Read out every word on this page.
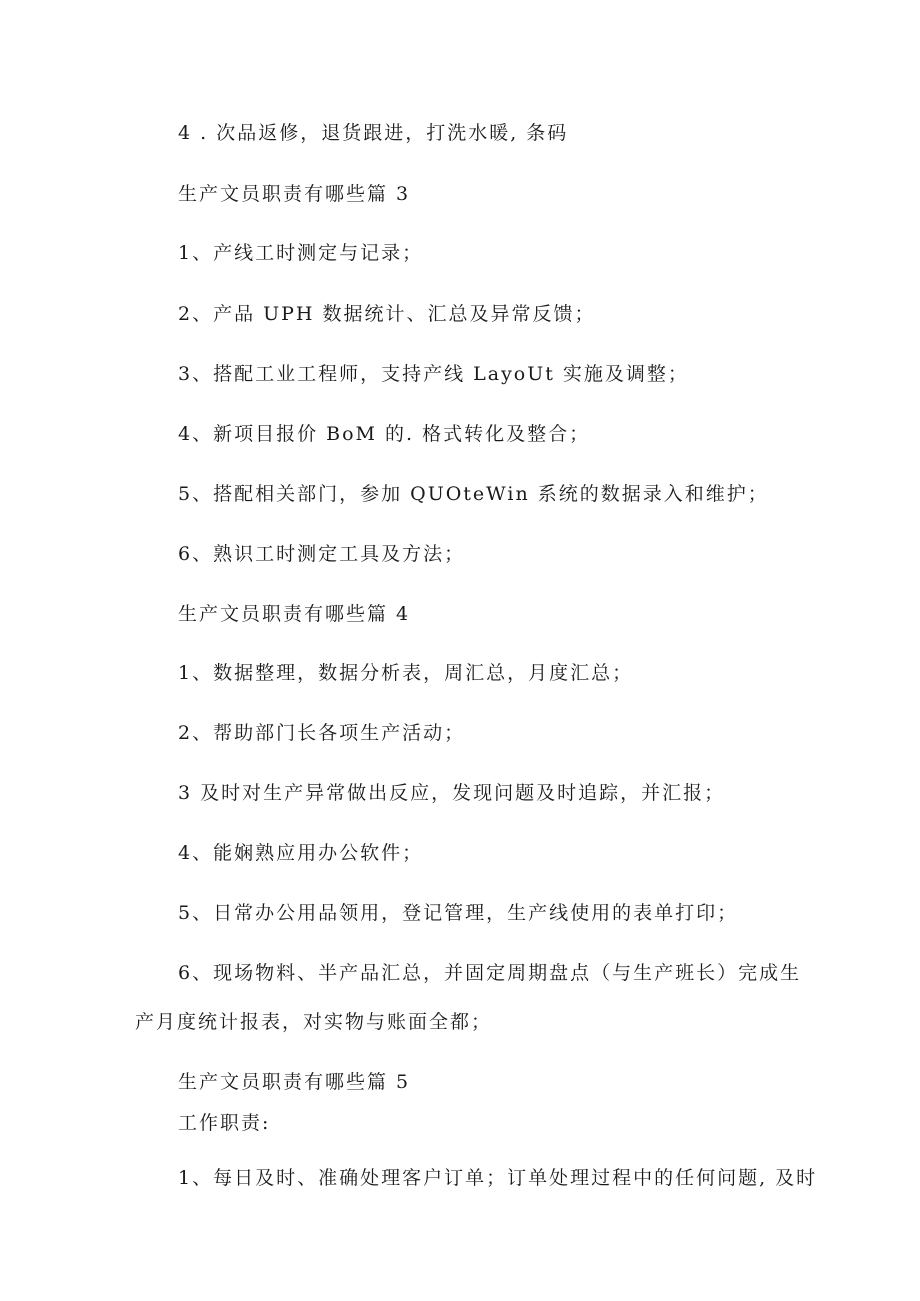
4 . 次品返修，退货跟进，打洗水暖, 条码
生产文员职责有哪些篇 3
1、产线工时测定与记录；
2、产品 UPH 数据统计、汇总及异常反馈；
3、搭配工业工程师，支持产线 LayoUt 实施及调整；
4、新项目报价 BoM 的. 格式转化及整合；
5、搭配相关部门，参加 QUOteWin 系统的数据录入和维护；
6、熟识工时测定工具及方法；
生产文员职责有哪些篇 4
1、数据整理，数据分析表，周汇总，月度汇总；
2、帮助部门长各项生产活动；
3 及时对生产异常做出反应，发现问题及时追踪，并汇报；
4、能娴熟应用办公软件；
5、日常办公用品领用，登记管理，生产线使用的表单打印；
6、现场物料、半产品汇总，并固定周期盘点（与生产班长）完成生
产月度统计报表，对实物与账面全都；
生产文员职责有哪些篇 5
工作职责:
1、每日及时、准确处理客户订单；订单处理过程中的任何问题, 及时
